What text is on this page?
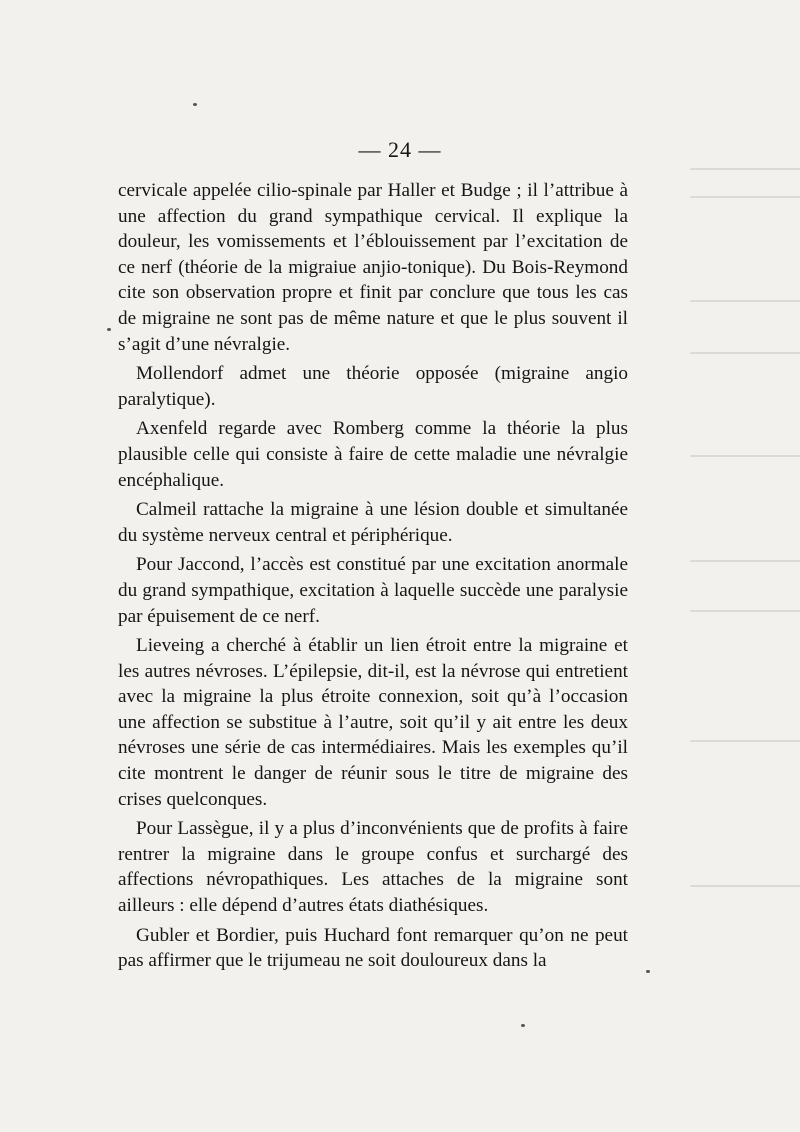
— 24 —

cervicale appelée cilio-spinale par Haller et Budge ; il l’attribue à une affection du grand sympathique cervical. Il explique la douleur, les vomissements et l’éblouissement par l’excitation de ce nerf (théorie de la migraiue anjio-tonique). Du Bois-Reymond cite son observation propre et finit par conclure que tous les cas de migraine ne sont pas de même nature et que le plus souvent il s’agit d’une névralgie.

Mollendorf admet une théorie opposée (migraine angio paralytique).

Axenfeld regarde avec Romberg comme la théorie la plus plausible celle qui consiste à faire de cette maladie une névralgie encéphalique.

Calmeil rattache la migraine à une lésion double et simultanée du système nerveux central et périphérique.

Pour Jaccond, l’accès est constitué par une excitation anormale du grand sympathique, excitation à laquelle succède une paralysie par épuisement de ce nerf.

Lieveing a cherché à établir un lien étroit entre la migraine et les autres névroses. L’épilepsie, dit-il, est la névrose qui entretient avec la migraine la plus étroite connexion, soit qu’à l’occasion une affection se substitue à l’autre, soit qu’il y ait entre les deux névroses une série de cas intermédiaires. Mais les exemples qu’il cite montrent le danger de réunir sous le titre de migraine des crises quelconques.

Pour Lassègue, il y a plus d’inconvénients que de profits à faire rentrer la migraine dans le groupe confus et surchargé des affections névropathiques. Les attaches de la migraine sont ailleurs : elle dépend d’autres états diathésiques.

Gubler et Bordier, puis Huchard font remarquer qu’on ne peut pas affirmer que le trijumeau ne soit douloureux dans la
